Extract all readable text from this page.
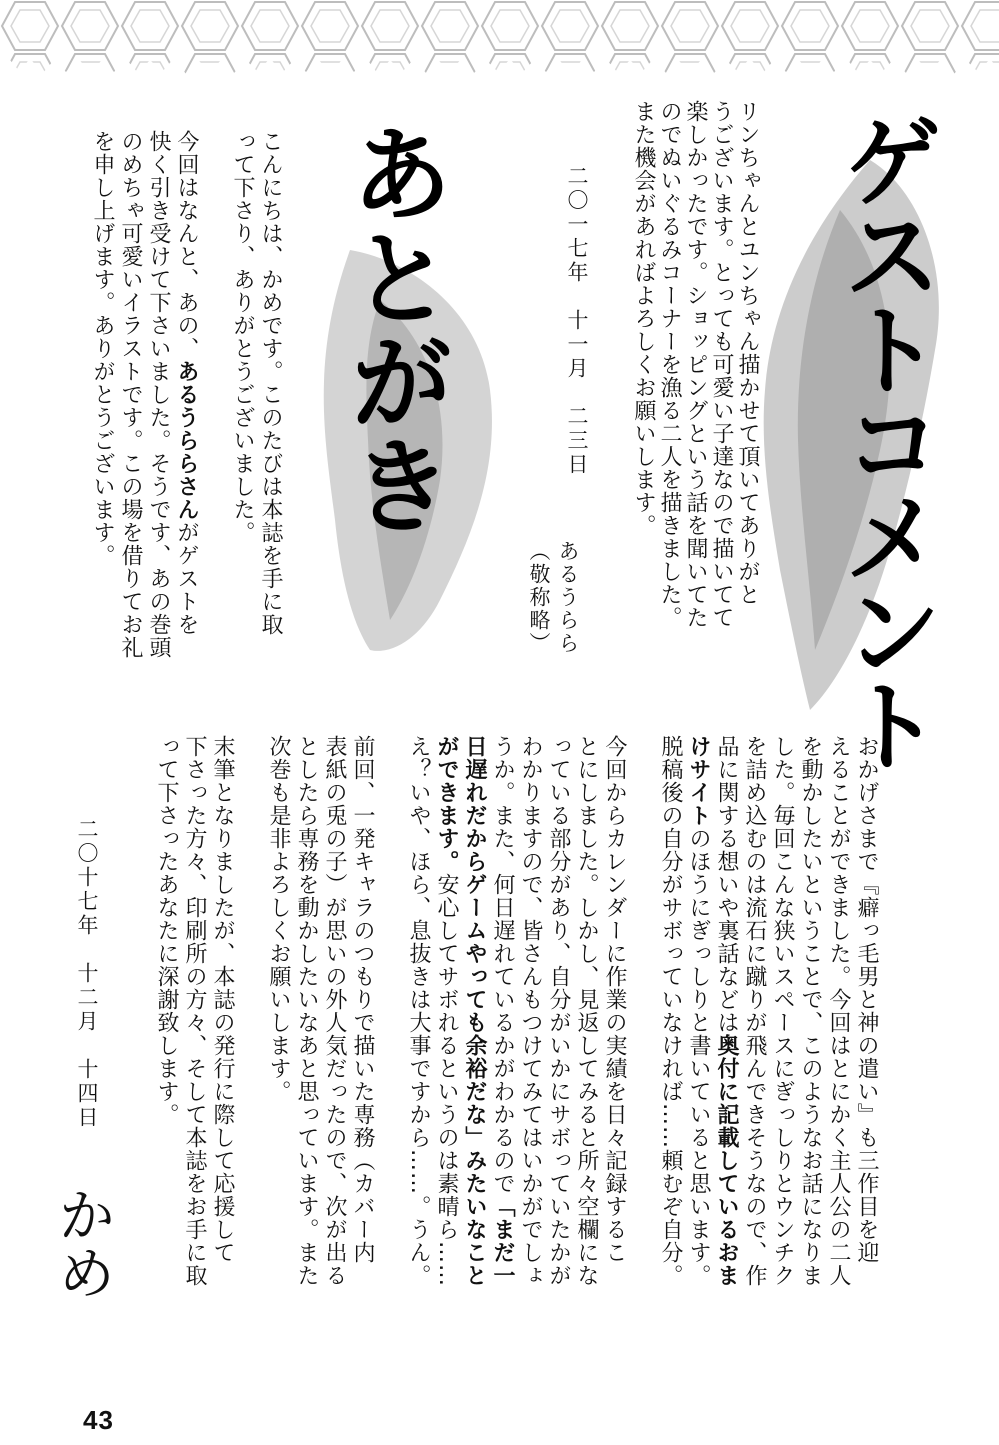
ゲストコメント
あとがき	リンちゃんとユンちゃん描かせて頂いてありがと
うございます。とっても可愛い子達なので描いてて
楽しかったです。ショッピングという話を聞いてた
のでぬいぐるみコーナーを漁る二人を描きました。
また機会があればよろしくお願いします。
二〇一七年　十一月　二三日
あるうらら
（敬称略）
こんにちは、かめです。このたびは本誌を手に取
って下さり、ありがとうございました。

今回はなんと、あの、あるうららさんがゲストを
快く引き受けて下さいました。そうです、あの巻頭
のめちゃ可愛いイラストです。この場を借りてお礼
を申し上げます。ありがとうございます。
おかげさまで『癖っ毛男と神の遣い』も三作目を迎
えることができました。今回はとにかく主人公の二人
を動かしたいということで、このようなお話になりま
した。毎回こんな狭いスペースにぎっしりとウンチク
を詰め込むのは流石に蹴りが飛んできそうなので、作
品に関する想いや裏話などは奥付に記載しているおま
けサイトのほうにぎっしりと書いていると思います。
脱稿後の自分がサボっていなければ……頼むぞ自分。

今回からカレンダーに作業の実績を日々記録するこ
とにしました。しかし、見返してみると所々空欄にな
っている部分があり、自分がいかにサボっていたかが
わかりますので、皆さんもつけてみてはいかがでしょ
うか。また、何日遅れているかがわかるので「まだ一
日遅れだからゲームやっても余裕だな」みたいなこと
ができます。安心してサボれるというのは素晴ら……
え？いや、ほら、息抜きは大事ですから……。うん。

前回、一発キャラのつもりで描いた専務（カバー内
表紙の兎の子）が思いの外人気だったので、次が出る
としたら専務を動かしたいなあと思っています。また
次巻も是非よろしくお願いします。

末筆となりましたが、本誌の発行に際して応援して
下さった方々、印刷所の方々、そして本誌をお手に取
って下さったあなたに深謝致します。
二〇十七年　十二月　十四日
かめ
43
